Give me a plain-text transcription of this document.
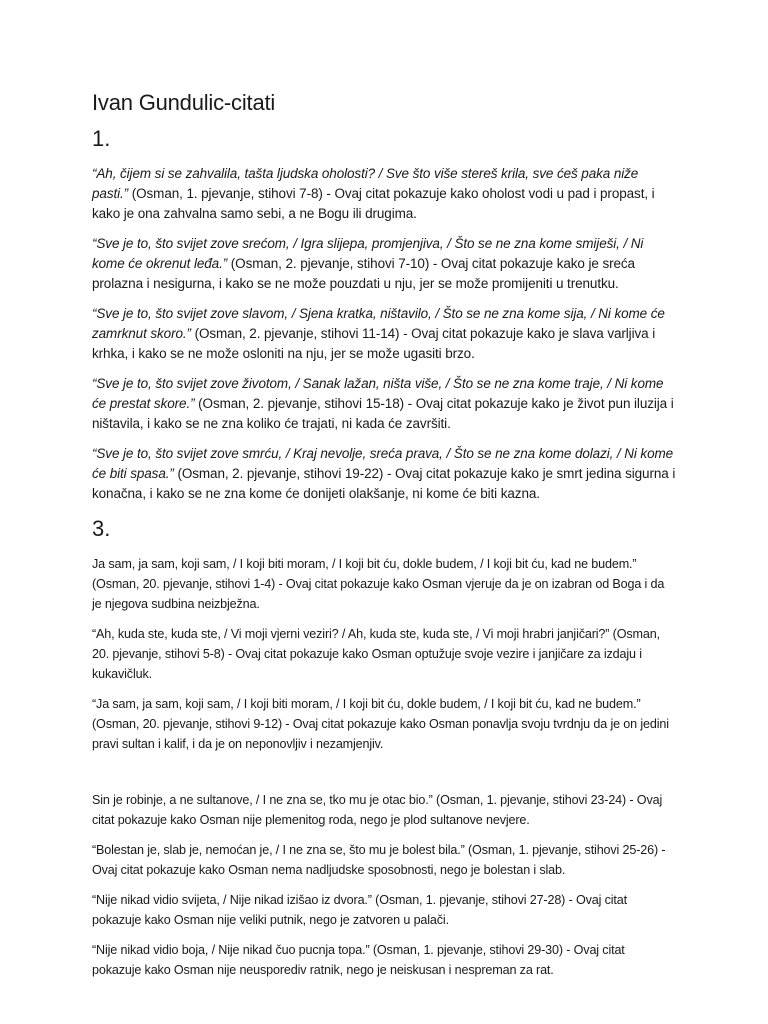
Ivan Gundulic-citati
1.

“Ah, čijem si se zahvalila, tašta ljudska oholosti? / Sve što više stereš krila, sve ćeš paka niže pasti.” (Osman, 1. pjevanje, stihovi 7-8) - Ovaj citat pokazuje kako oholost vodi u pad i propast, i kako je ona zahvalna samo sebi, a ne Bogu ili drugima.

“Sve je to, što svijet zove srećom, / Igra slijepa, promjenjiva, / Što se ne zna kome smiješi, / Ni kome će okrenut leđa.” (Osman, 2. pjevanje, stihovi 7-10) - Ovaj citat pokazuje kako je sreća prolazna i nesigurna, i kako se ne može pouzdati u nju, jer se može promijeniti u trenutku.

“Sve je to, što svijet zove slavom, / Sjena kratka, ništavilo, / Što se ne zna kome sija, / Ni kome će zamrknut skoro.” (Osman, 2. pjevanje, stihovi 11-14) - Ovaj citat pokazuje kako je slava varljiva i krhka, i kako se ne može osloniti na nju, jer se može ugasiti brzo.

“Sve je to, što svijet zove životom, / Sanak lažan, ništa više, / Što se ne zna kome traje, / Ni kome će prestat skore.” (Osman, 2. pjevanje, stihovi 15-18) - Ovaj citat pokazuje kako je život pun iluzija i ništavila, i kako se ne zna koliko će trajati, ni kada će završiti.

“Sve je to, što svijet zove smrću, / Kraj nevolje, sreća prava, / Što se ne zna kome dolazi, / Ni kome će biti spasa.” (Osman, 2. pjevanje, stihovi 19-22) - Ovaj citat pokazuje kako je smrt jedina sigurna i konačna, i kako se ne zna kome će donijeti olakšanje, ni kome će biti kazna.

3.

Ja sam, ja sam, koji sam, / I koji biti moram, / I koji bit ću, dokle budem, / I koji bit ću, kad ne budem.” (Osman, 20. pjevanje, stihovi 1-4) - Ovaj citat pokazuje kako Osman vjeruje da je on izabran od Boga i da je njegova sudbina neizbježna.

“Ah, kuda ste, kuda ste, / Vi moji vjerni veziri? / Ah, kuda ste, kuda ste, / Vi moji hrabri janjičari?” (Osman, 20. pjevanje, stihovi 5-8) - Ovaj citat pokazuje kako Osman optužuje svoje vezire i janjičare za izdaju i kukavičluk.

“Ja sam, ja sam, koji sam, / I koji biti moram, / I koji bit ću, dokle budem, / I koji bit ću, kad ne budem.” (Osman, 20. pjevanje, stihovi 9-12) - Ovaj citat pokazuje kako Osman ponavlja svoju tvrdnju da je on jedini pravi sultan i kalif, i da je on neponovljiv i nezamjenjiv.

Sin je robinje, a ne sultanove, / I ne zna se, tko mu je otac bio.” (Osman, 1. pjevanje, stihovi 23-24) - Ovaj citat pokazuje kako Osman nije plemenitog roda, nego je plod sultanove nevjere.

“Bolestan je, slab je, nemoćan je, / I ne zna se, što mu je bolest bila.” (Osman, 1. pjevanje, stihovi 25-26) - Ovaj citat pokazuje kako Osman nema nadljudske sposobnosti, nego je bolestan i slab.

“Nije nikad vidio svijeta, / Nije nikad izišao iz dvora.” (Osman, 1. pjevanje, stihovi 27-28) - Ovaj citat pokazuje kako Osman nije veliki putnik, nego je zatvoren u palači.

“Nije nikad vidio boja, / Nije nikad čuo pucnja topa.” (Osman, 1. pjevanje, stihovi 29-30) - Ovaj citat pokazuje kako Osman nije neusporediv ratnik, nego je neiskusan i nespreman za rat.
